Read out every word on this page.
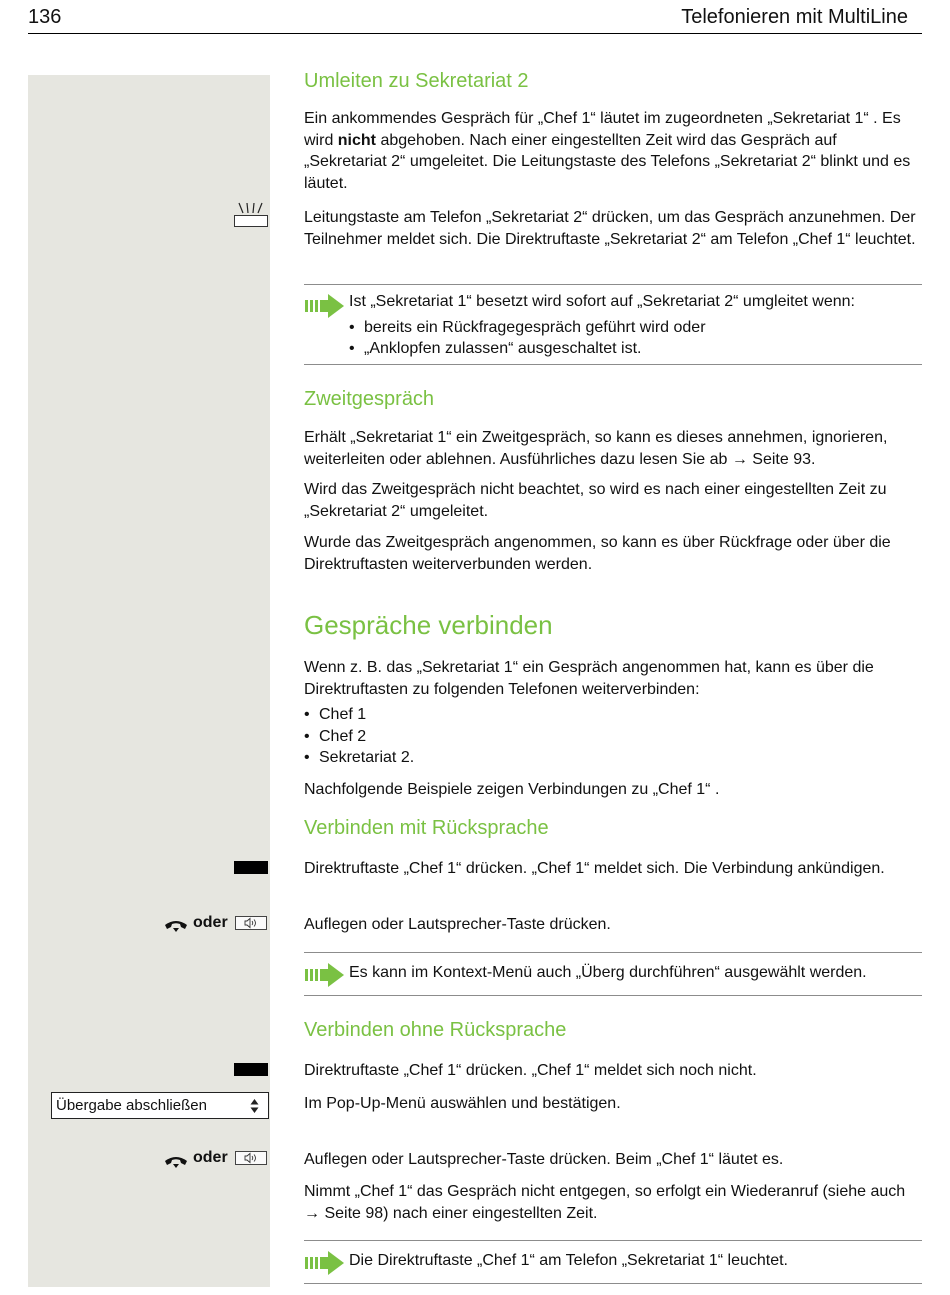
136	Telefonieren mit MultiLine
Umleiten zu Sekretariat 2
Ein ankommendes Gespräch für „Chef 1“ läutet im zugeordneten „Sekretariat 1“ . Es wird nicht abgehoben. Nach einer eingestellten Zeit wird das Gespräch auf „Sekretariat 2“ umgeleitet. Die Leitungstaste des Telefons „Sekretariat 2“ blinkt und es läutet.
Leitungstaste am Telefon „Sekretariat 2“ drücken, um das Gespräch anzunehmen. Der Teilnehmer meldet sich. Die Direktruftaste „Sekretariat 2“ am Telefon „Chef 1“ leuchtet.
Ist „Sekretariat 1“ besetzt wird sofort auf „Sekretariat 2“ umgleitet wenn:
• bereits ein Rückfragegespräch geführt wird oder
• „Anklopfen zulassen“ ausgeschaltet ist.
Zweitgespräch
Erhält „Sekretariat 1“ ein Zweitgespräch, so kann es dieses annehmen, ignorieren, weiterleiten oder ablehnen. Ausführliches dazu lesen Sie ab → Seite 93.
Wird das Zweitgespräch nicht beachtet, so wird es nach einer eingestellten Zeit zu „Sekretariat 2“ umgeleitet.
Wurde das Zweitgespräch angenommen, so kann es über Rückfrage oder über die Direktruftasten weiterverbunden werden.
Gespräche verbinden
Wenn z. B. das „Sekretariat 1“ ein Gespräch angenommen hat, kann es über die Direktruftasten zu folgenden Telefonen weiterverbinden:
• Chef 1
• Chef 2
• Sekretariat 2.
Nachfolgende Beispiele zeigen Verbindungen zu „Chef 1“ .
Verbinden mit Rücksprache
Direktruftaste „Chef 1“ drücken. „Chef 1“ meldet sich. Die Verbindung ankündigen.
oder	Auflegen oder Lautsprecher-Taste drücken.
Es kann im Kontext-Menü auch „Überg durchführen“ ausgewählt werden.
Verbinden ohne Rücksprache
Direktruftaste „Chef 1“ drücken. „Chef 1“ meldet sich noch nicht.
Übergabe abschließen	Im Pop-Up-Menü auswählen und bestätigen.
oder	Auflegen oder Lautsprecher-Taste drücken. Beim „Chef 1“ läutet es.
Nimmt „Chef 1“ das Gespräch nicht entgegen, so erfolgt ein Wiederanruf (siehe auch → Seite 98) nach einer eingestellten Zeit.
Die Direktruftaste „Chef 1“ am Telefon „Sekretariat 1“ leuchtet.
